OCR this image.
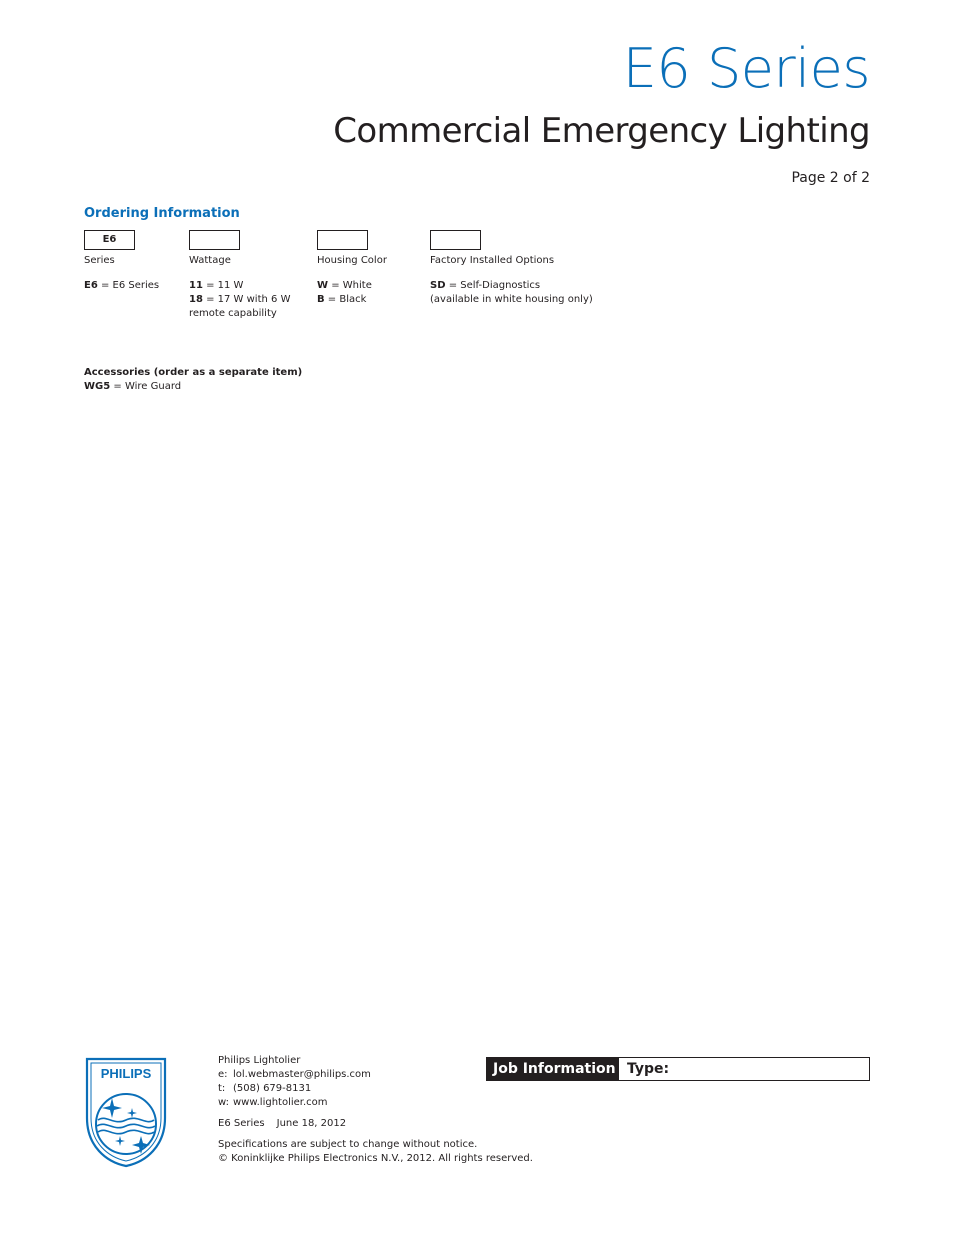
E6 Series
Commercial Emergency Lighting
Page 2 of 2
Ordering Information
E6
Series
E6 = E6 Series
Wattage
11 = 11 W
18 = 17 W with 6 W
remote capability
Housing Color
W = White
B = Black
Factory Installed Options
SD = Self-Diagnostics
(available in white housing only)
Accessories (order as a separate item)
WG5 = Wire Guard
PHILIPS
Philips Lightolier
e: lol.webmaster@philips.com
t: (508) 679-8131
w: www.lightolier.com
E6 Series June 18, 2012
Specifications are subject to change without notice.
© Koninklijke Philips Electronics N.V., 2012. All rights reserved.
Job Information Type:
